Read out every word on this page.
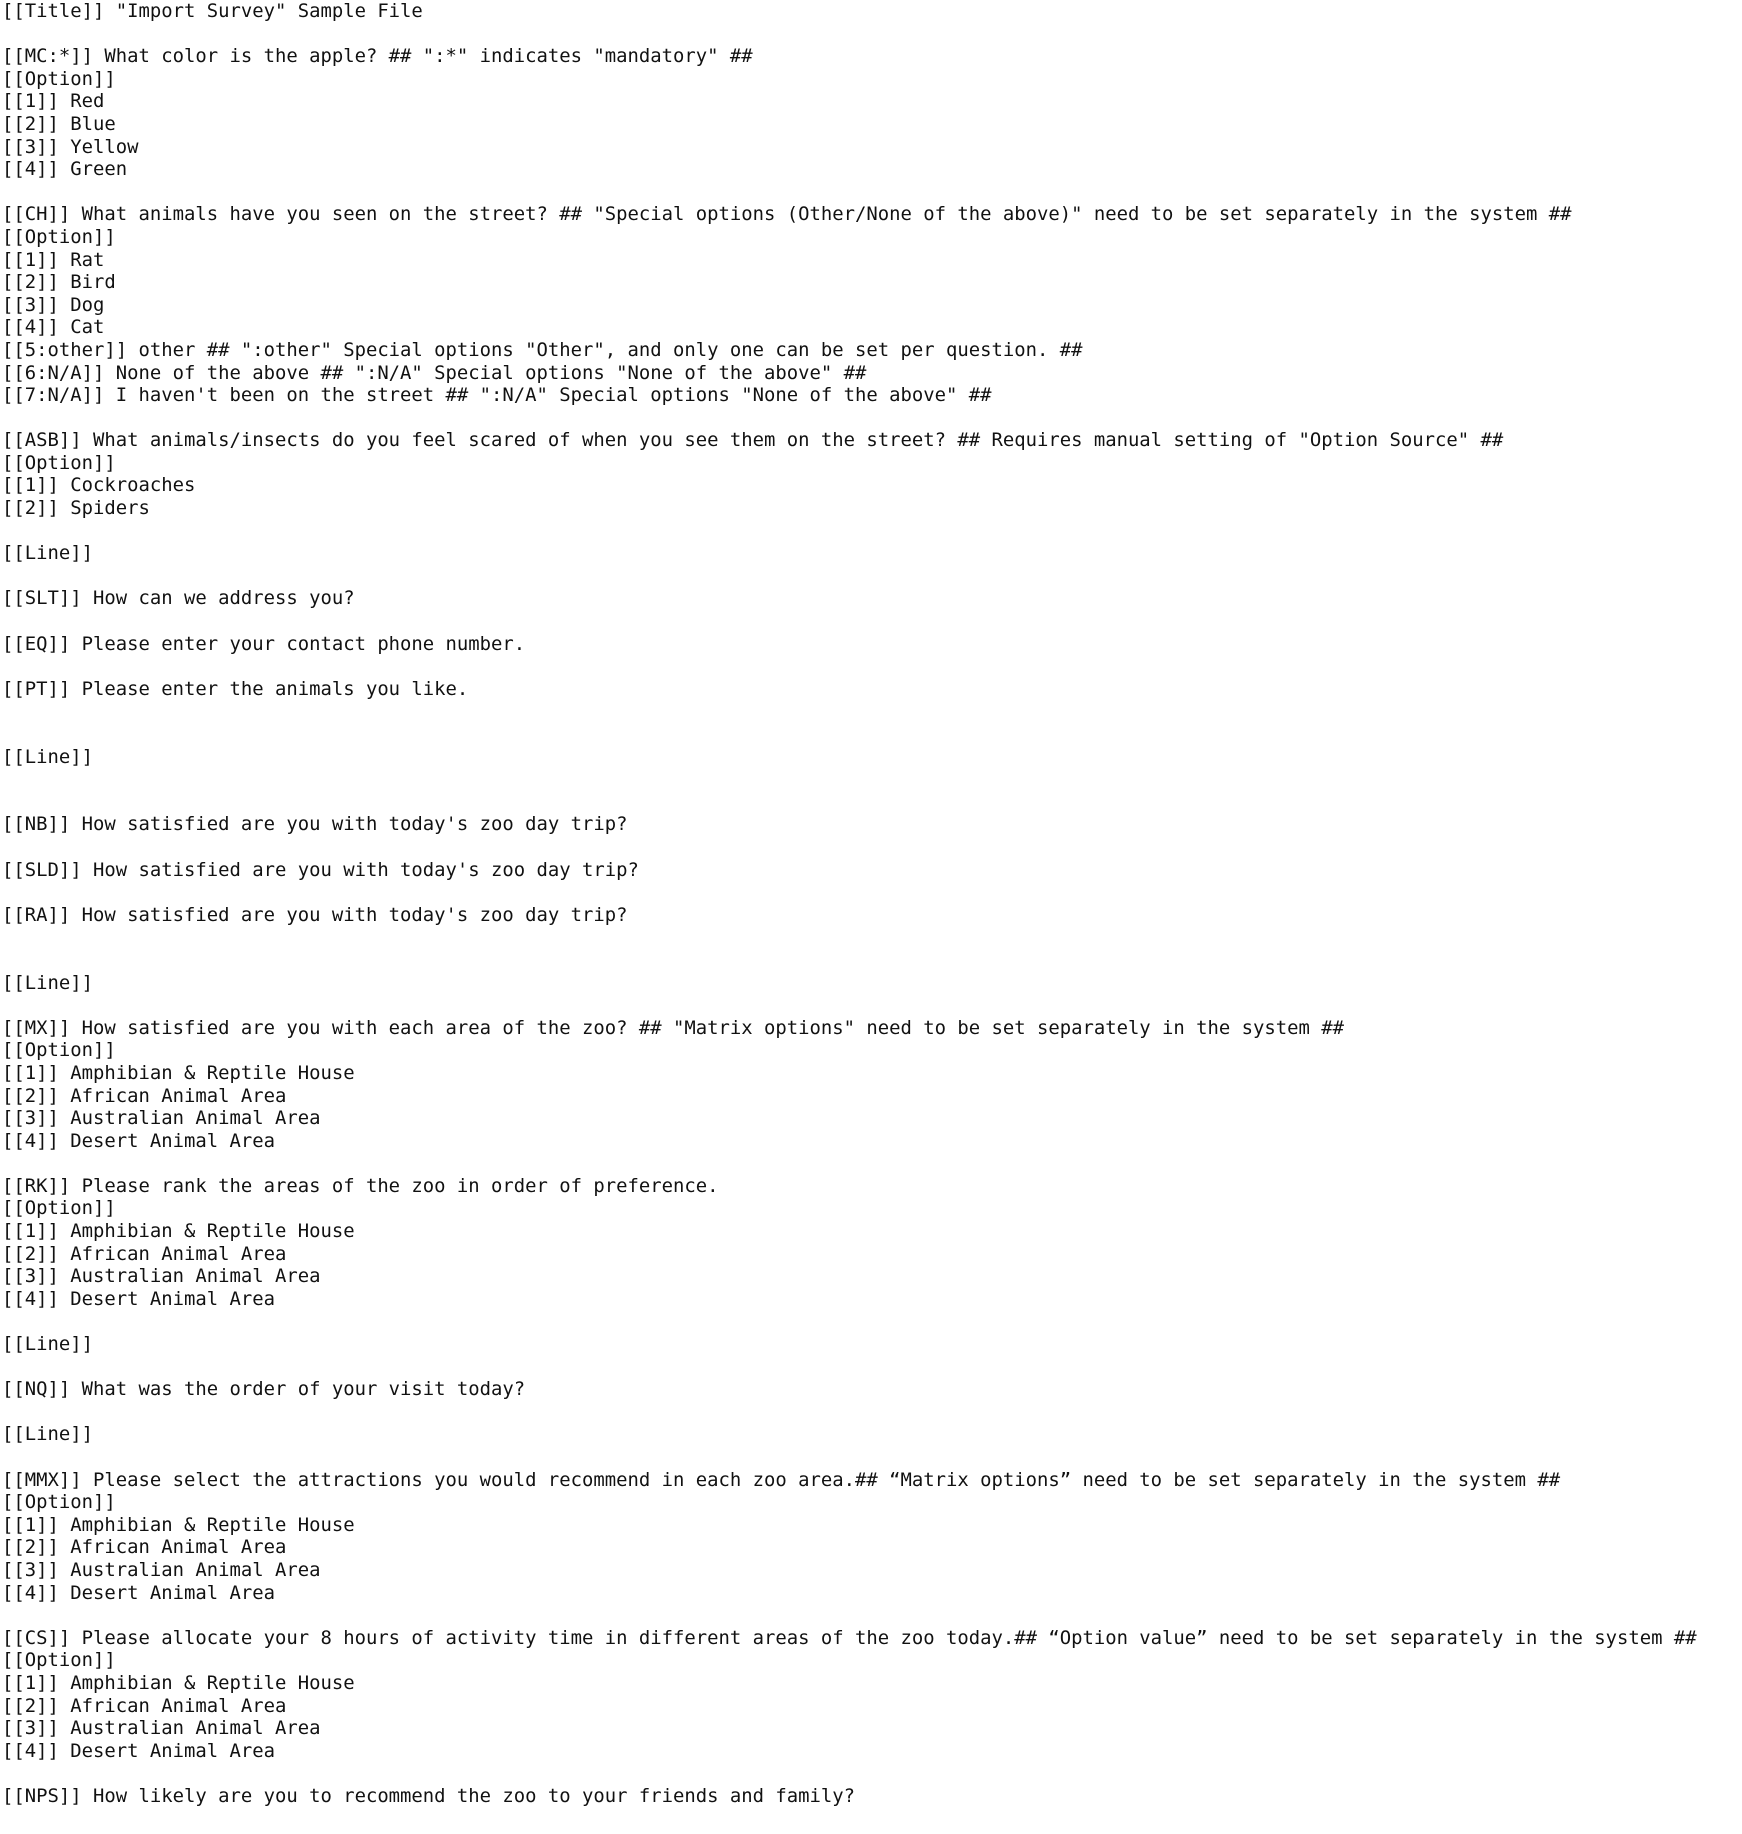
[[Title]] "Import Survey" Sample File
[[MC:*]] What color is the apple? ## ":*" indicates "mandatory" ##
[[Option]]
[[1]] Red
[[2]] Blue
[[3]] Yellow
[[4]] Green
[[CH]] What animals have you seen on the street? ## "Special options (Other/None of the above)" need to be set separately in the system ##
[[Option]]
[[1]] Rat
[[2]] Bird
[[3]] Dog
[[4]] Cat
[[5:other]] other ## ":other" Special options "Other", and only one can be set per question. ##
[[6:N/A]] None of the above ## ":N/A" Special options "None of the above" ##
[[7:N/A]] I haven't been on the street ## ":N/A" Special options "None of the above" ##
[[ASB]] What animals/insects do you feel scared of when you see them on the street? ## Requires manual setting of "Option Source" ##
[[Option]]
[[1]] Cockroaches
[[2]] Spiders
[[Line]]
[[SLT]] How can we address you?
[[EQ]] Please enter your contact phone number.
[[PT]] Please enter the animals you like.
[[Line]]
[[NB]] How satisfied are you with today's zoo day trip?
[[SLD]] How satisfied are you with today's zoo day trip?
[[RA]] How satisfied are you with today's zoo day trip?
[[Line]]
[[MX]] How satisfied are you with each area of the zoo? ## "Matrix options" need to be set separately in the system ##
[[Option]]
[[1]] Amphibian & Reptile House
[[2]] African Animal Area
[[3]] Australian Animal Area
[[4]] Desert Animal Area
[[RK]] Please rank the areas of the zoo in order of preference.
[[Option]]
[[1]] Amphibian & Reptile House
[[2]] African Animal Area
[[3]] Australian Animal Area
[[4]] Desert Animal Area
[[Line]]
[[NQ]] What was the order of your visit today?
[[Line]]
[[MMX]] Please select the attractions you would recommend in each zoo area.## “Matrix options” need to be set separately in the system ##
[[Option]]
[[1]] Amphibian & Reptile House
[[2]] African Animal Area
[[3]] Australian Animal Area
[[4]] Desert Animal Area
[[CS]] Please allocate your 8 hours of activity time in different areas of the zoo today.## “Option value” need to be set separately in the system ##
[[Option]]
[[1]] Amphibian & Reptile House
[[2]] African Animal Area
[[3]] Australian Animal Area
[[4]] Desert Animal Area
[[NPS]] How likely are you to recommend the zoo to your friends and family?
